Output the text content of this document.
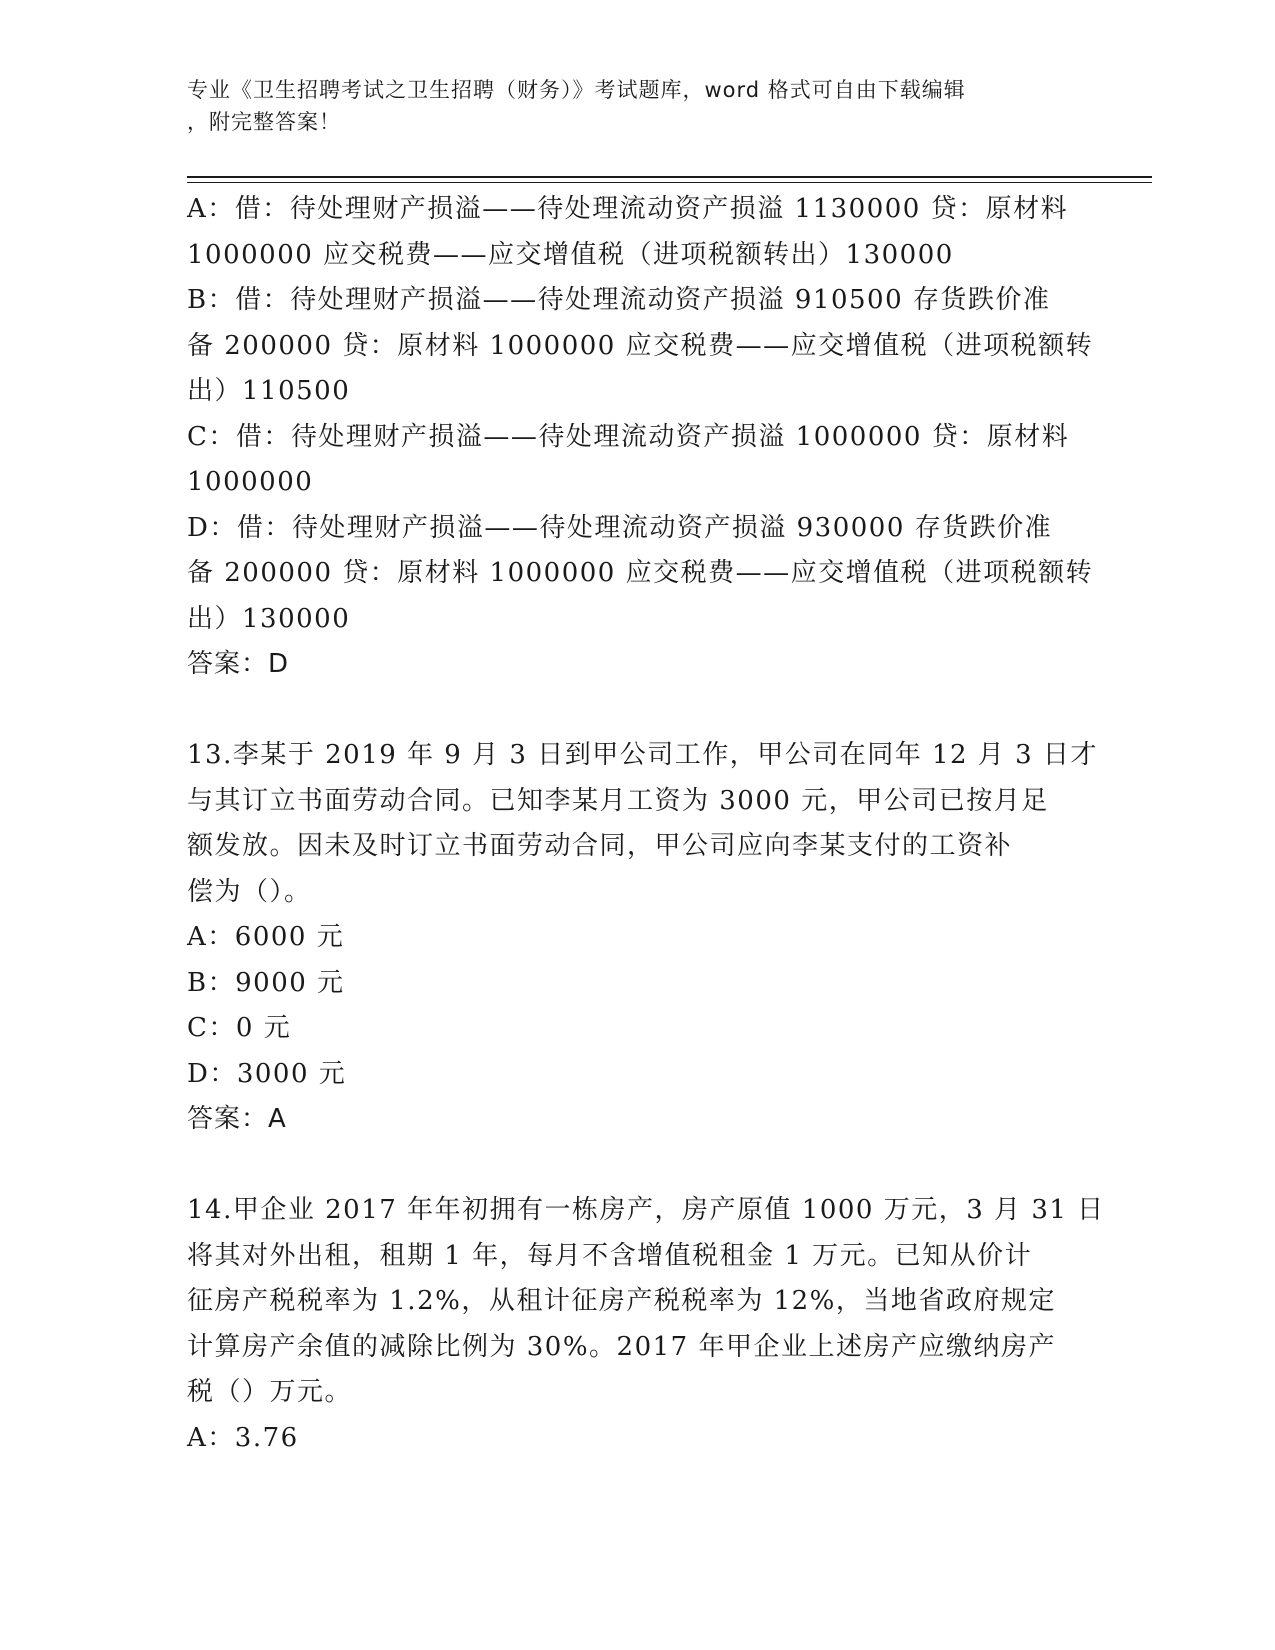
专业《卫生招聘考试之卫生招聘（财务）》考试题库，word 格式可自由下载编辑
，附完整答案！
A：借：待处理财产损溢——待处理流动资产损溢 1130000 贷：原材料
1000000 应交税费——应交增值税（进项税额转出）130000
B：借：待处理财产损溢——待处理流动资产损溢 910500 存货跌价准
备 200000 贷：原材料 1000000 应交税费——应交增值税（进项税额转
出）110500
C：借：待处理财产损溢——待处理流动资产损溢 1000000 贷：原材料
1000000
D：借：待处理财产损溢——待处理流动资产损溢 930000 存货跌价准
备 200000 贷：原材料 1000000 应交税费——应交增值税（进项税额转
出）130000
答案：D
13.李某于 2019 年 9 月 3 日到甲公司工作，甲公司在同年 12 月 3 日才
与其订立书面劳动合同。已知李某月工资为 3000 元，甲公司已按月足
额发放。因未及时订立书面劳动合同，甲公司应向李某支付的工资补
偿为（）。
A：6000 元
B：9000 元
C：0 元
D：3000 元
答案：A
14.甲企业 2017 年年初拥有一栋房产，房产原值 1000 万元，3 月 31 日
将其对外出租，租期 1 年，每月不含增值税租金 1 万元。已知从价计
征房产税税率为 1.2%，从租计征房产税税率为 12%，当地省政府规定
计算房产余值的减除比例为 30%。2017 年甲企业上述房产应缴纳房产
税（）万元。
A：3.76
